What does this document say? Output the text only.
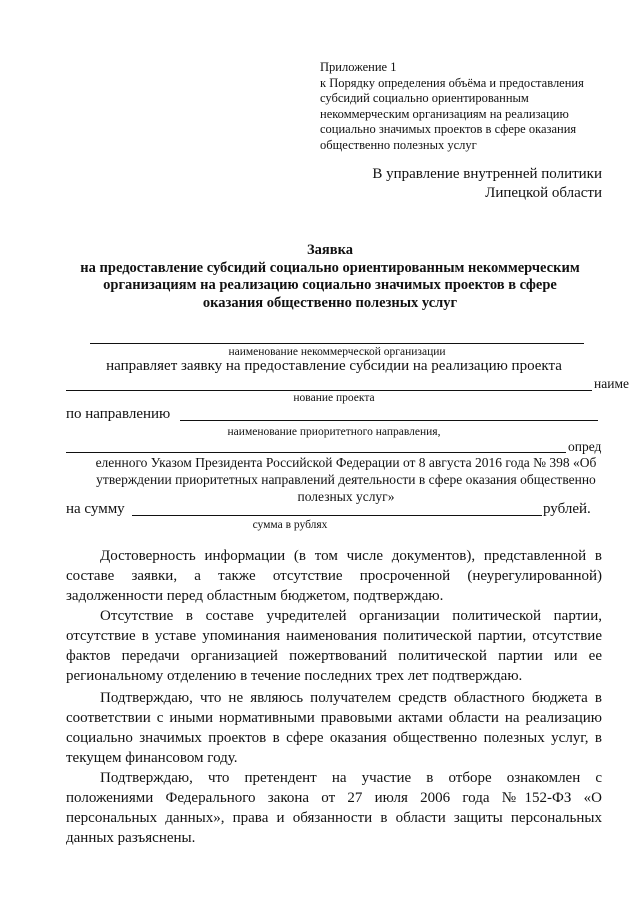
Приложение 1
к Порядку определения объёма и предоставления
субсидий социально ориентированным
некоммерческим организациям на реализацию
социально значимых проектов в сфере оказания
общественно полезных услуг
В управление внутренней политики
Липецкой области
Заявка
на предоставление субсидий социально ориентированным некоммерческим
организациям на реализацию социально значимых проектов в сфере
оказания общественно полезных услуг
наименование некоммерческой организации
направляет заявку на предоставление субсидии на реализацию проекта
наиме
нование проекта
по направлению
наименование приоритетного направления,
опред
еленного Указом Президента Российской Федерации от 8 августа 2016 года № 398 «Об утверждении приоритетных направлений деятельности в сфере оказания общественно полезных услуг»
на сумму	рублей.
сумма в рублях
Достоверность информации (в том числе документов), представленной в составе заявки, а также отсутствие просроченной (неурегулированной) задолженности перед областным бюджетом, подтверждаю.
Отсутствие в составе учредителей организации политической партии, отсутствие в уставе упоминания наименования политической партии, отсутствие фактов передачи организацией пожертвований политической партии или ее региональному отделению в течение последних трех лет подтверждаю.
Подтверждаю, что не являюсь получателем средств областного бюджета в соответствии с иными нормативными правовыми актами области на реализацию социально значимых проектов в сфере оказания общественно полезных услуг, в текущем финансовом году.
Подтверждаю, что претендент на участие в отборе ознакомлен с положениями Федерального закона от 27 июля 2006 года №152-ФЗ «О персональных данных», права и обязанности в области защиты персональных данных разъяснены.
